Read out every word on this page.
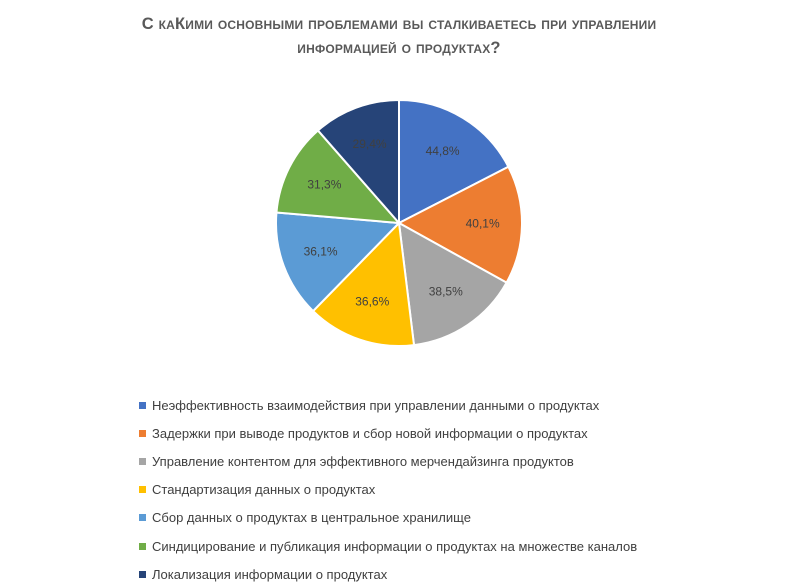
С каКими основными проблемами вы сталкиваетесь при управлении
информацией о продуктах?
44,8%
40,1%
38,5%
36,6%
36,1%
31,3%
29,4%
Неэффективность взаимодействия при управлении данными о продуктах
Задержки при выводе продуктов и сбор новой информации о продуктах
Управление контентом для эффективного мерчендайзинга продуктов
Стандартизация данных о продуктах
Сбор данных о продуктах в центральное хранилище
Синдицирование и публикация информации о продуктах на множестве каналов
Локализация информации о продуктах
